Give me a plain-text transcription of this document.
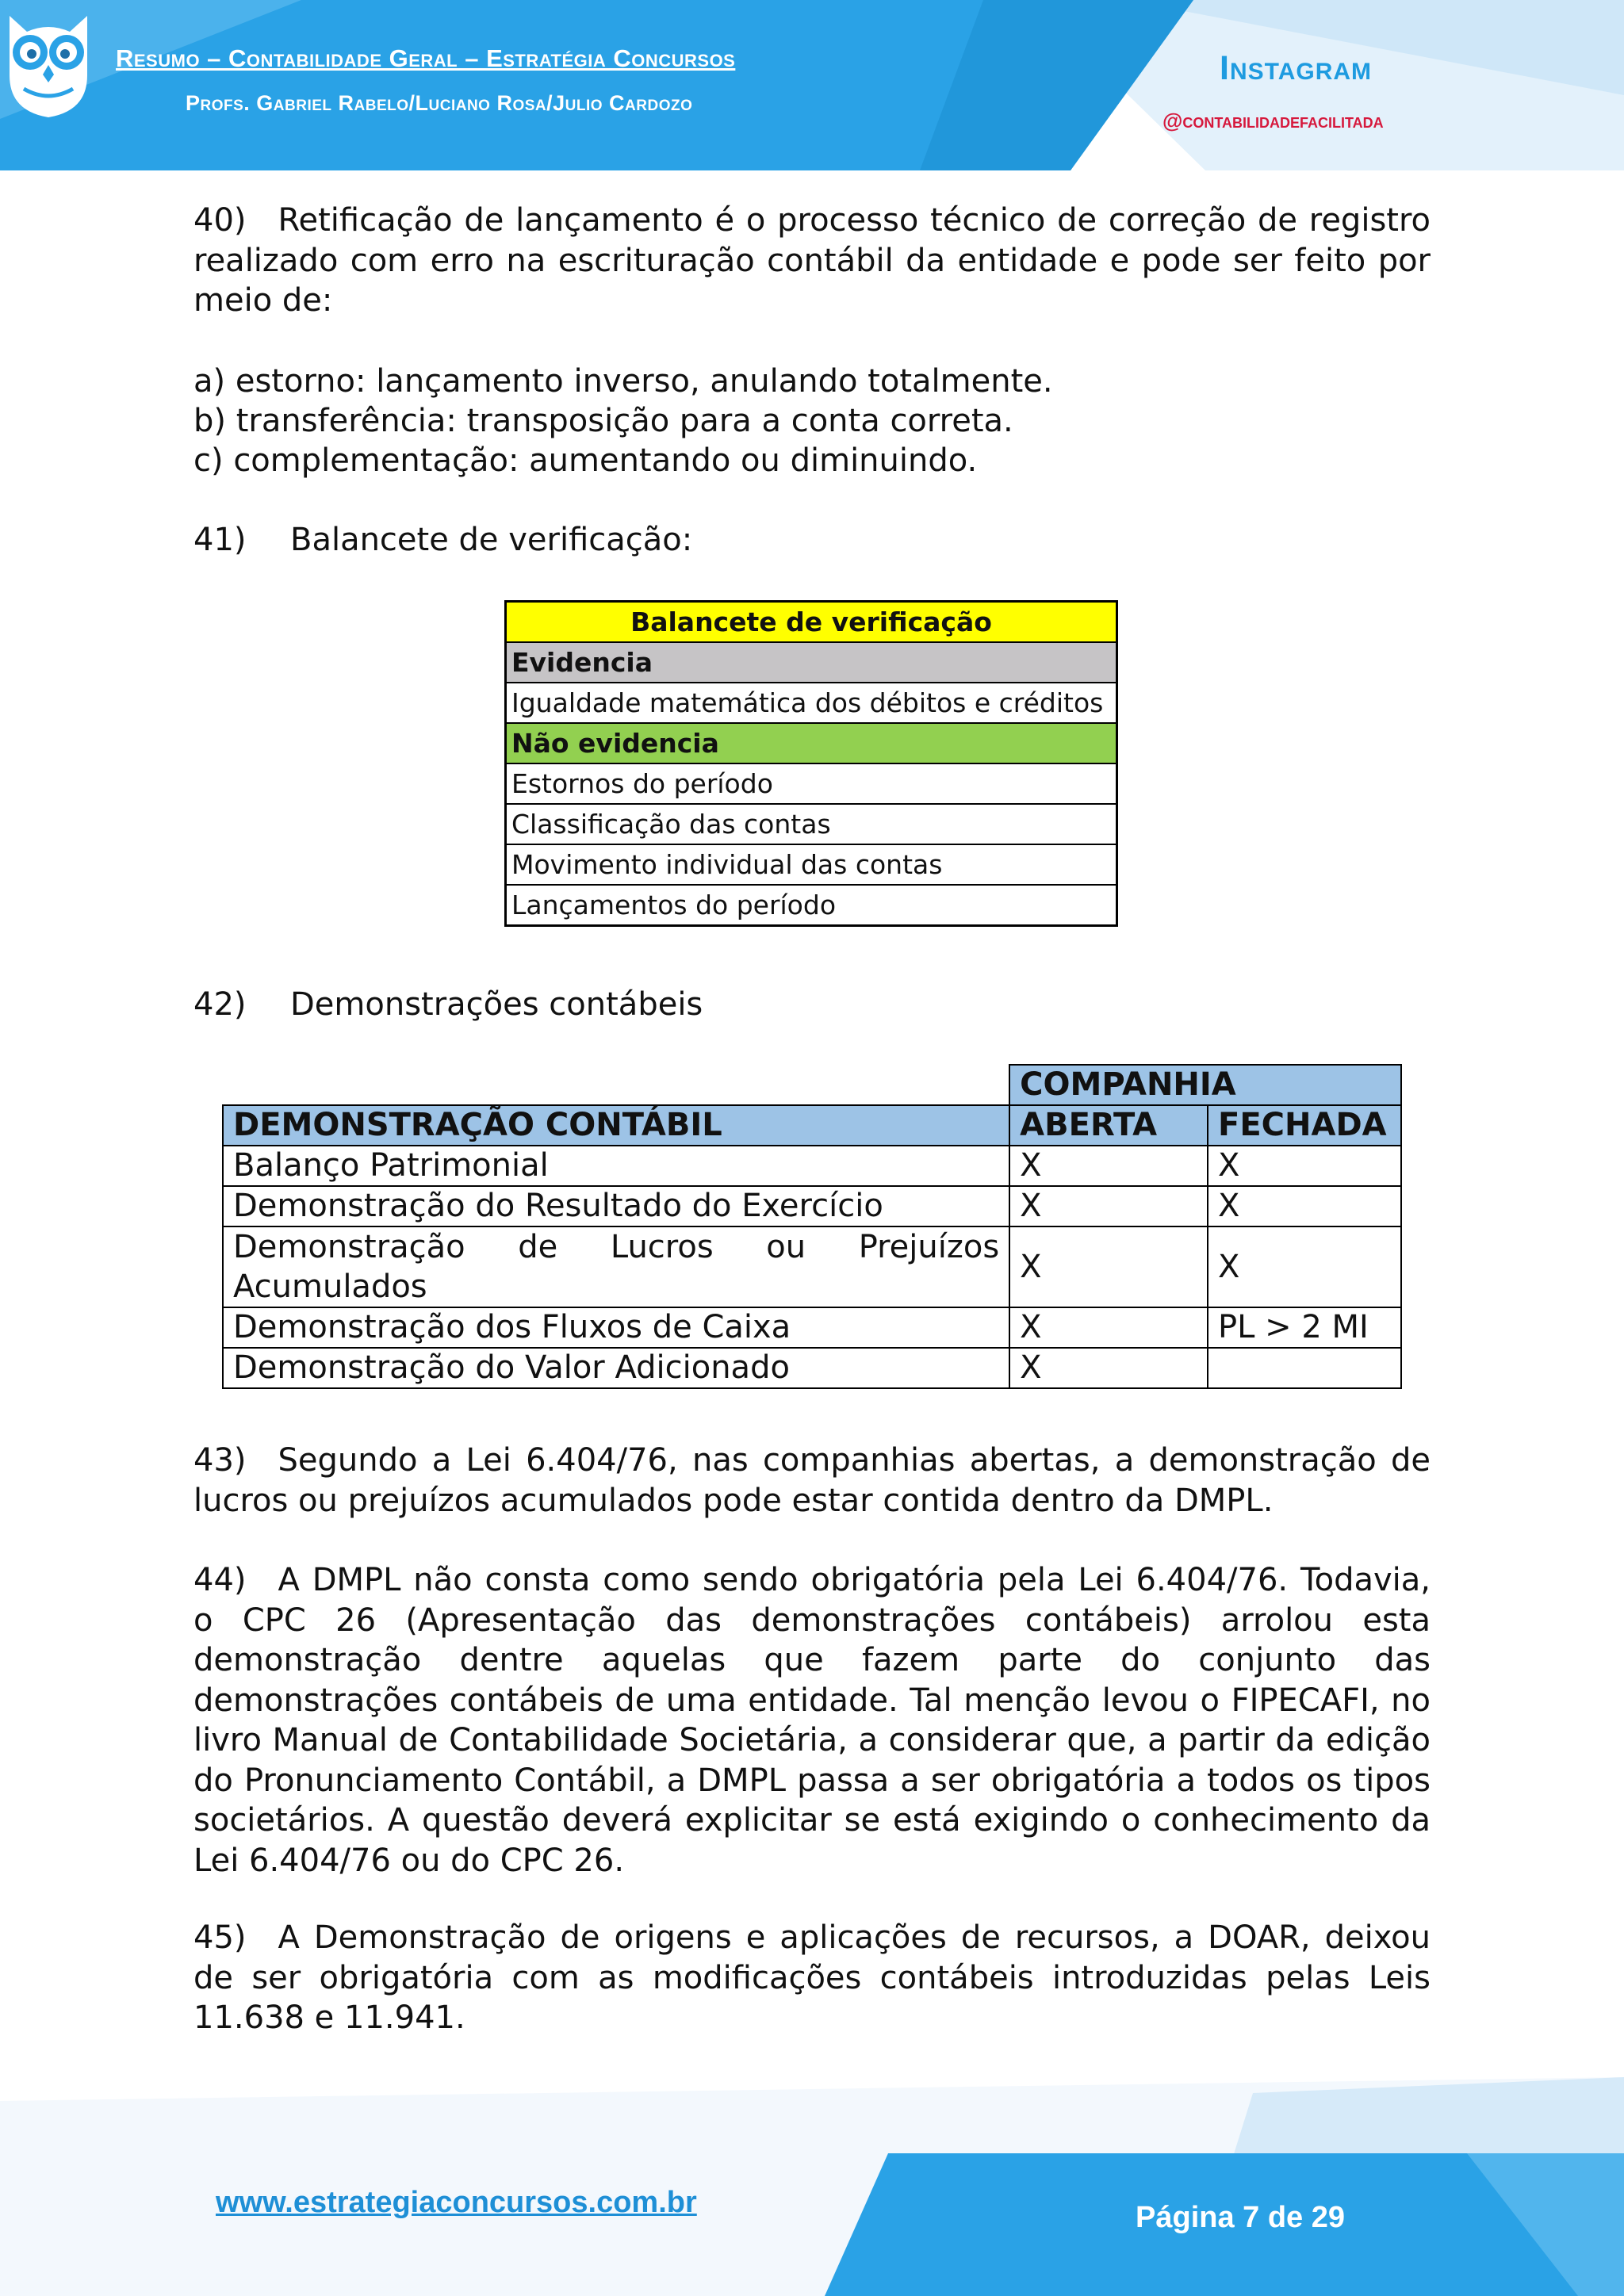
Resumo – Contabilidade Geral – Estratégia Concursos
Profs. Gabriel Rabelo/Luciano Rosa/Julio Cardozo
Instagram
@contabilidadefacilitada
40) Retificação de lançamento é o processo técnico de correção de registro realizado com erro na escrituração contábil da entidade e pode ser feito por meio de:
a) estorno: lançamento inverso, anulando totalmente.
b) transferência: transposição para a conta correta.
c) complementação: aumentando ou diminuindo.
41) Balancete de verificação:
Balancete de verificação
Evidencia
Igualdade matemática dos débitos e créditos
Não evidencia
Estornos do período
Classificação das contas
Movimento individual das contas
Lançamentos do período
42) Demonstrações contábeis
	COMPANHIA	
DEMONSTRAÇÃO CONTÁBIL	ABERTA	FECHADA
Balanço Patrimonial	X	X
Demonstração do Resultado do Exercício	X	X
Demonstração de Lucros ou Prejuízos Acumulados	X	X
Demonstração dos Fluxos de Caixa	X	PL > 2 MI
Demonstração do Valor Adicionado	X	
43) Segundo a Lei 6.404/76, nas companhias abertas, a demonstração de lucros ou prejuízos acumulados pode estar contida dentro da DMPL.
44) A DMPL não consta como sendo obrigatória pela Lei 6.404/76. Todavia, o CPC 26 (Apresentação das demonstrações contábeis) arrolou esta demonstração dentre aquelas que fazem parte do conjunto das demonstrações contábeis de uma entidade. Tal menção levou o FIPECAFI, no livro Manual de Contabilidade Societária, a considerar que, a partir da edição do Pronunciamento Contábil, a DMPL passa a ser obrigatória a todos os tipos societários. A questão deverá explicitar se está exigindo o conhecimento da Lei 6.404/76 ou do CPC 26.
45) A Demonstração de origens e aplicações de recursos, a DOAR, deixou de ser obrigatória com as modificações contábeis introduzidas pelas Leis 11.638 e 11.941.
www.estrategiaconcursos.com.br	Página 7 de 29
